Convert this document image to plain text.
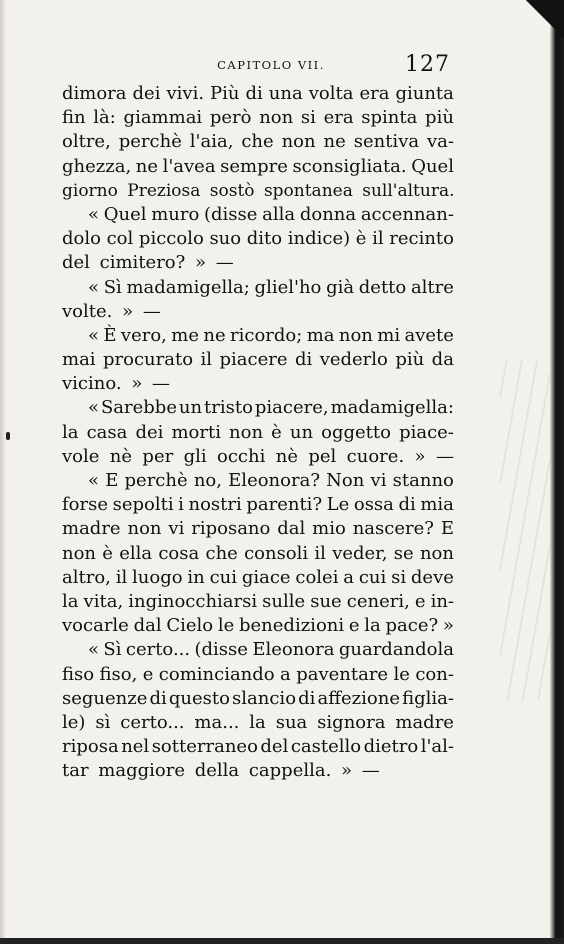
CAPITOLO VII.	127
dimora dei vivi. Più di una volta era giunta
fin là: giammai però non si era spinta più
oltre, perchè l'aia, che non ne sentiva va-
ghezza, ne l'avea sempre sconsigliata. Quel
giorno Preziosa sostò spontanea sull'altura.
« Quel muro (disse alla donna accennan-
dolo col piccolo suo dito indice) è il recinto
del cimitero? » —
« Sì madamigella; gliel'ho già detto altre
volte. » —
« È vero, me ne ricordo; ma non mi avete
mai procurato il piacere di vederlo più da
vicino. » —
« Sarebbe un tristo piacere, madamigella:
la casa dei morti non è un oggetto piace-
vole nè per gli occhi nè pel cuore. » —
« E perchè no, Eleonora? Non vi stanno
forse sepolti i nostri parenti? Le ossa di mia
madre non vi riposano dal mio nascere? E
non è ella cosa che consoli il veder, se non
altro, il luogo in cui giace colei a cui si deve
la vita, inginocchiarsi sulle sue ceneri, e in-
vocarle dal Cielo le benedizioni e la pace? »
« Sì certo... (disse Eleonora guardandola
fiso fiso, e cominciando a paventare le con-
seguenze di questo slancio di affezione figlia-
le) sì certo... ma... la sua signora madre
riposa nel sotterraneo del castello dietro l'al-
tar maggiore della cappella. » —
